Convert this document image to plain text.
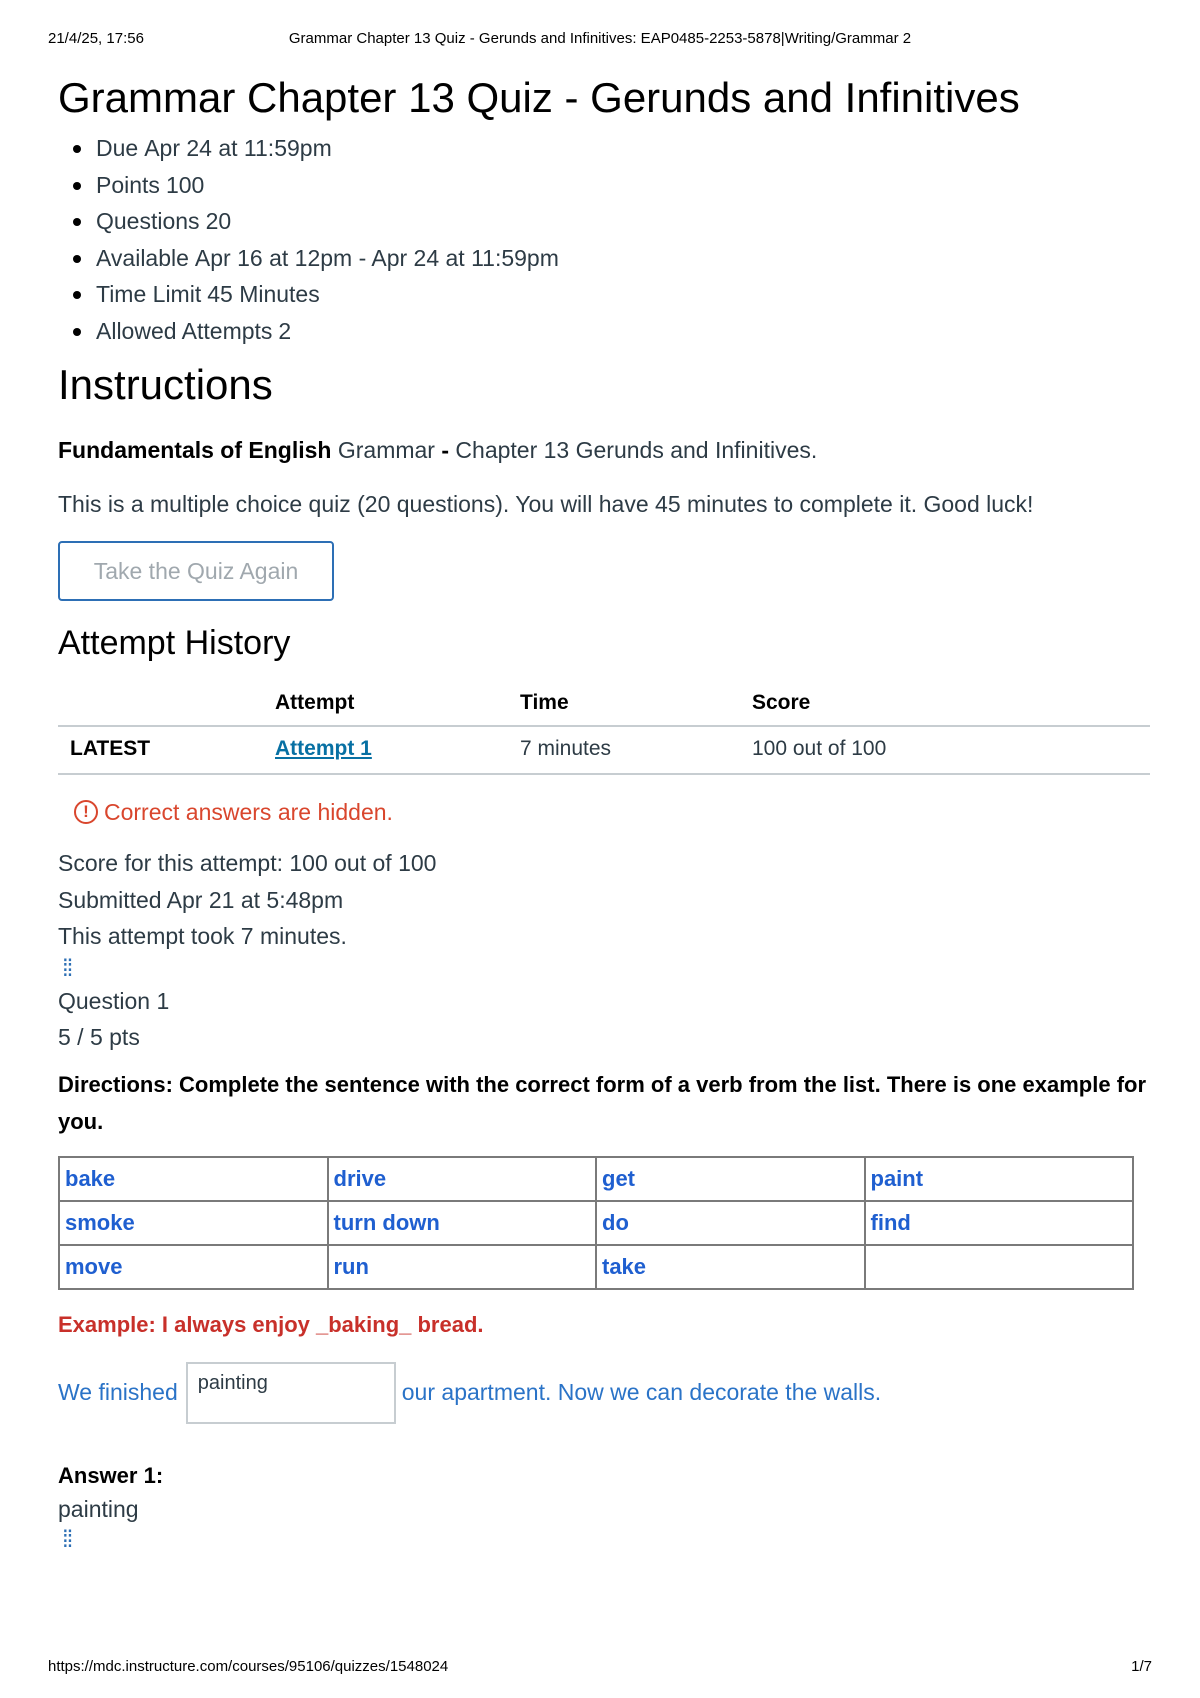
21/4/25, 17:56	Grammar Chapter 13 Quiz - Gerunds and Infinitives: EAP0485-2253-5878|Writing/Grammar 2
Grammar Chapter 13 Quiz - Gerunds and Infinitives
Due Apr 24 at 11:59pm
Points 100
Questions 20
Available Apr 16 at 12pm - Apr 24 at 11:59pm
Time Limit 45 Minutes
Allowed Attempts 2
Instructions

Fundamentals of English Grammar - Chapter 13 Gerunds and Infinitives.

This is a multiple choice quiz (20 questions). You will have 45 minutes to complete it. Good luck!

Take the Quiz Again
Attempt History
	Attempt	Time	Score
LATEST	Attempt 1	7 minutes	100 out of 100
! Correct answers are hidden.
Score for this attempt: 100 out of 100
Submitted Apr 21 at 5:48pm
This attempt took 7 minutes.
⁞⁞
Question 1
5 / 5 pts

Directions: Complete the sentence with the correct form of a verb from the list. There is one example for you.

bake	drive	get	paint
smoke	turn down	do	find
move	run	take	

Example: I always enjoy _baking_ bread.

We finished	painting	our apartment. Now we can decorate the walls.
Answer 1:
painting
⁞⁞
https://mdc.instructure.com/courses/95106/quizzes/1548024	1/7
